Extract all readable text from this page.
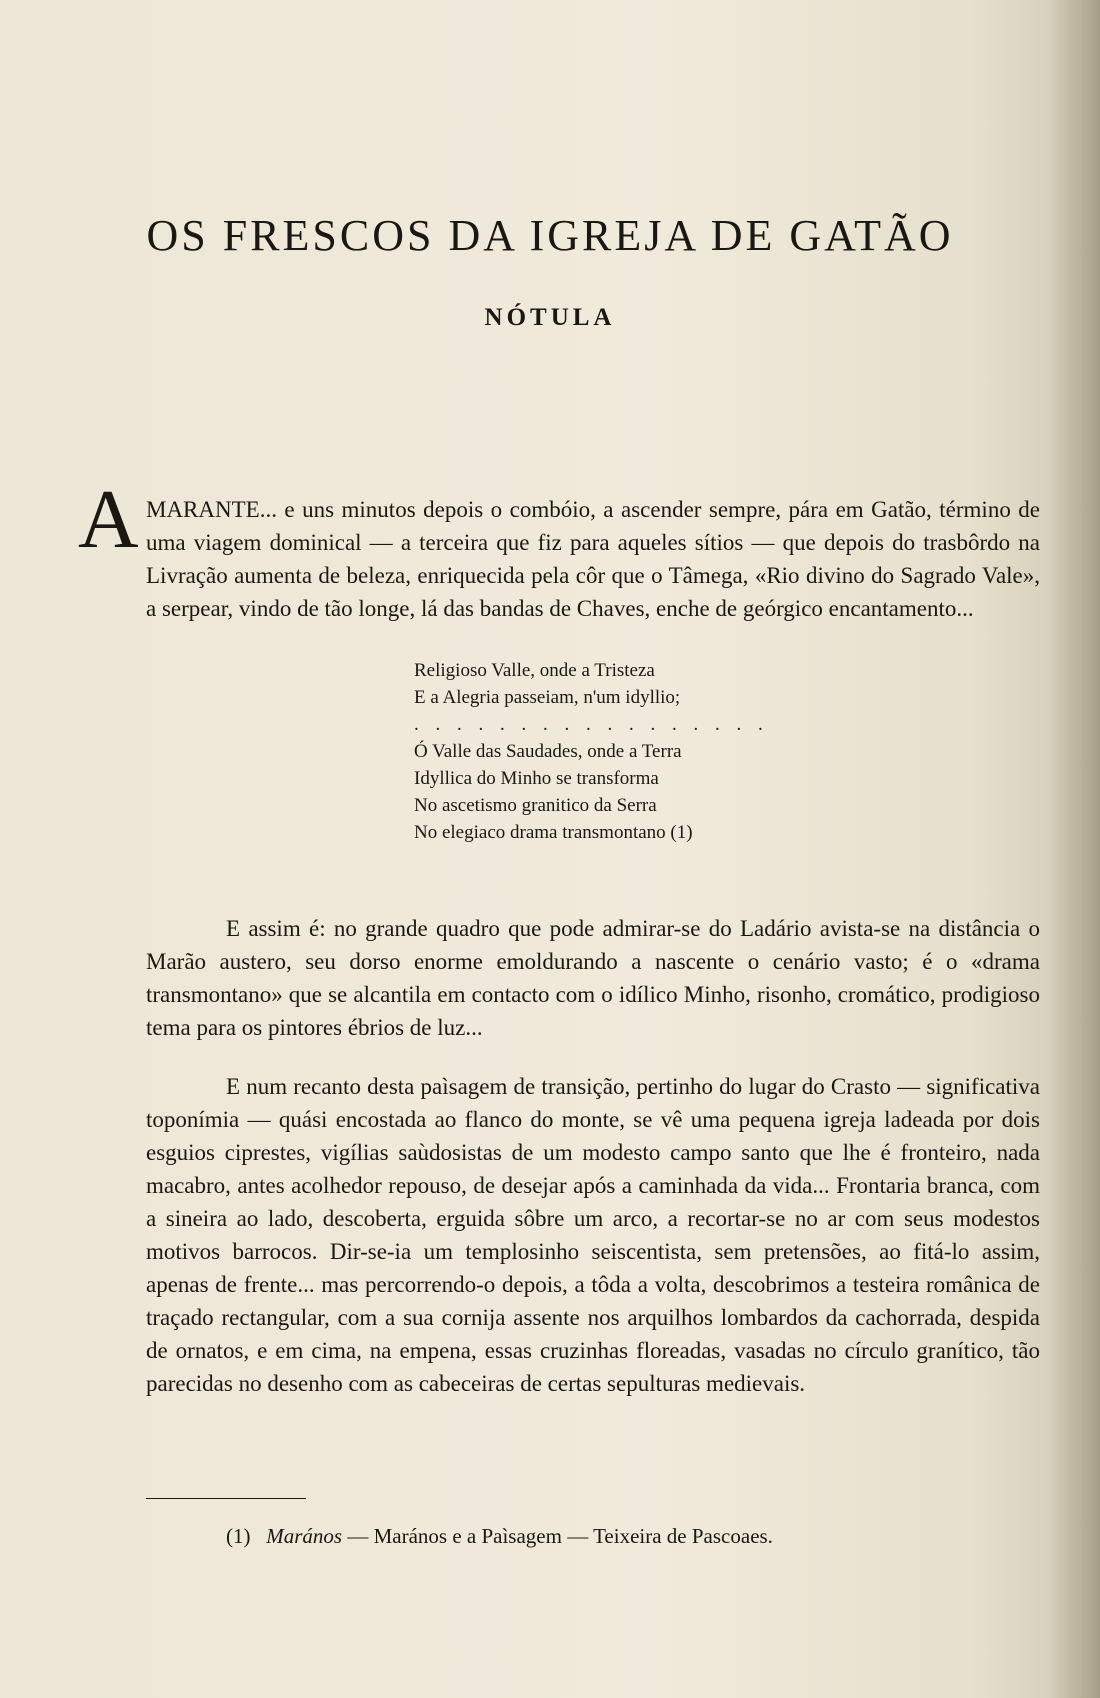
OS FRESCOS DA IGREJA DE GATÃO
NÓTULA
A MARANTE... e uns minutos depois o combóio, a ascender sempre, pára em Gatão, término de uma viagem dominical — a terceira que fiz para aqueles sítios — que depois do trasbôrdo na Livração aumenta de beleza, enriquecida pela côr que o Tâmega, «Rio divino do Sagrado Vale», a serpear, vindo de tão longe, lá das bandas de Chaves, enche de geórgico encantamento...
Religioso Valle, onde a Tristeza
E a Alegria passeiam, n'um idyllio;
. . . . . . . . . . . . . . . . .
Ó Valle das Saudades, onde a Terra
Idyllica do Minho se transforma
No ascetismo granitico da Serra
No elegiaco drama transmontano (1)

E assim é: no grande quadro que pode admirar-se do Ladário avista-se na distância o Marão austero, seu dorso enorme emoldurando a nascente o cenário vasto; é o «drama transmontano» que se alcantila em contacto com o idílico Minho, risonho, cromático, prodigioso tema para os pintores ébrios de luz...

E num recanto desta paìsagem de transição, pertinho do lugar do Crasto — significativa toponímia — quási encostada ao flanco do monte, se vê uma pequena igreja ladeada por dois esguios ciprestes, vigílias saùdosistas de um modesto campo santo que lhe é fronteiro, nada macabro, antes acolhedor repouso, de desejar após a caminhada da vida... Frontaria branca, com a sineira ao lado, descoberta, erguida sôbre um arco, a recortar-se no ar com seus modestos motivos barrocos. Dir-se-ia um templosinho seiscentista, sem pretensões, ao fitá-lo assim, apenas de frente... mas percorrendo-o depois, a tôda a volta, descobrimos a testeira românica de traçado rectangular, com a sua cornija assente nos arquilhos lombardos da cachorrada, despida de ornatos, e em cima, na empena, essas cruzinhas floreadas, vasadas no círculo granítico, tão parecidas no desenho com as cabeceiras de certas sepulturas medievais.

(1) Maránοs — Maránοs e a Paìsagem — Teixeira de Pascoaes.
